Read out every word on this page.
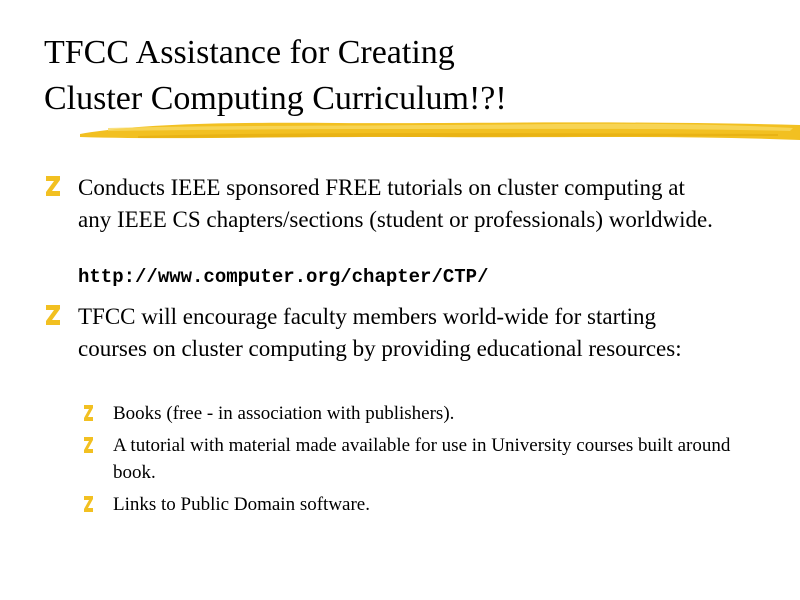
TFCC Assistance for Creating
Cluster Computing Curriculum!?!
Conducts IEEE sponsored FREE tutorials on cluster computing at any IEEE CS chapters/sections (student or professionals) worldwide.
http://www.computer.org/chapter/CTP/
TFCC will encourage faculty members world-wide for starting courses on cluster computing by providing educational resources:
Books (free - in association with publishers).
A tutorial with material made available for use in University courses built around book.
Links to Public Domain software.
